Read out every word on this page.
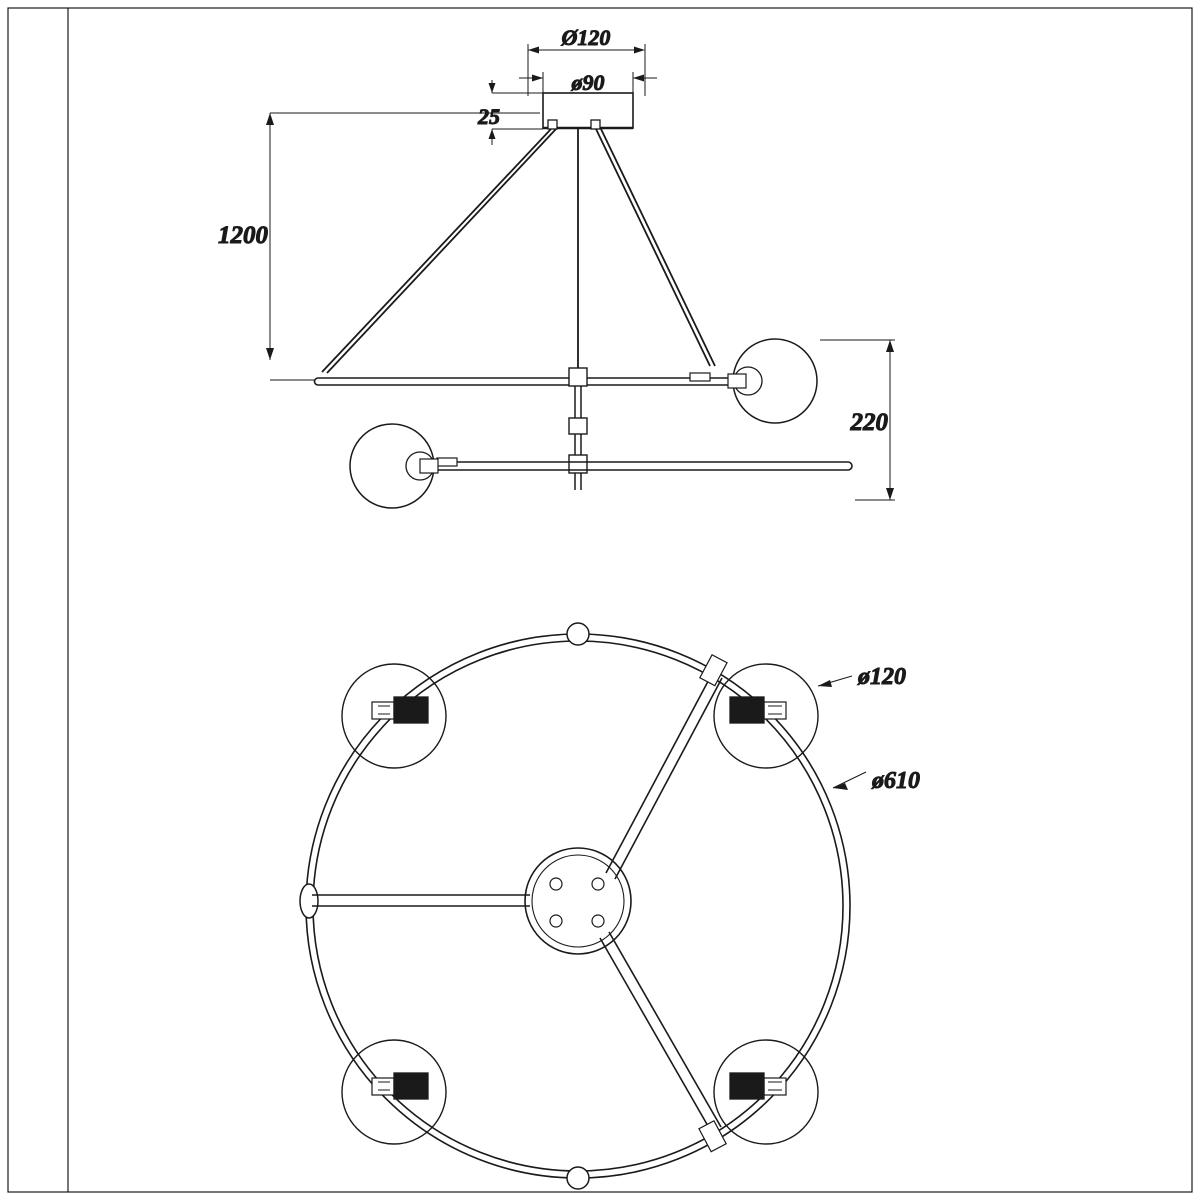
Ø120
ø90
25
1200
220
ø120
ø610
